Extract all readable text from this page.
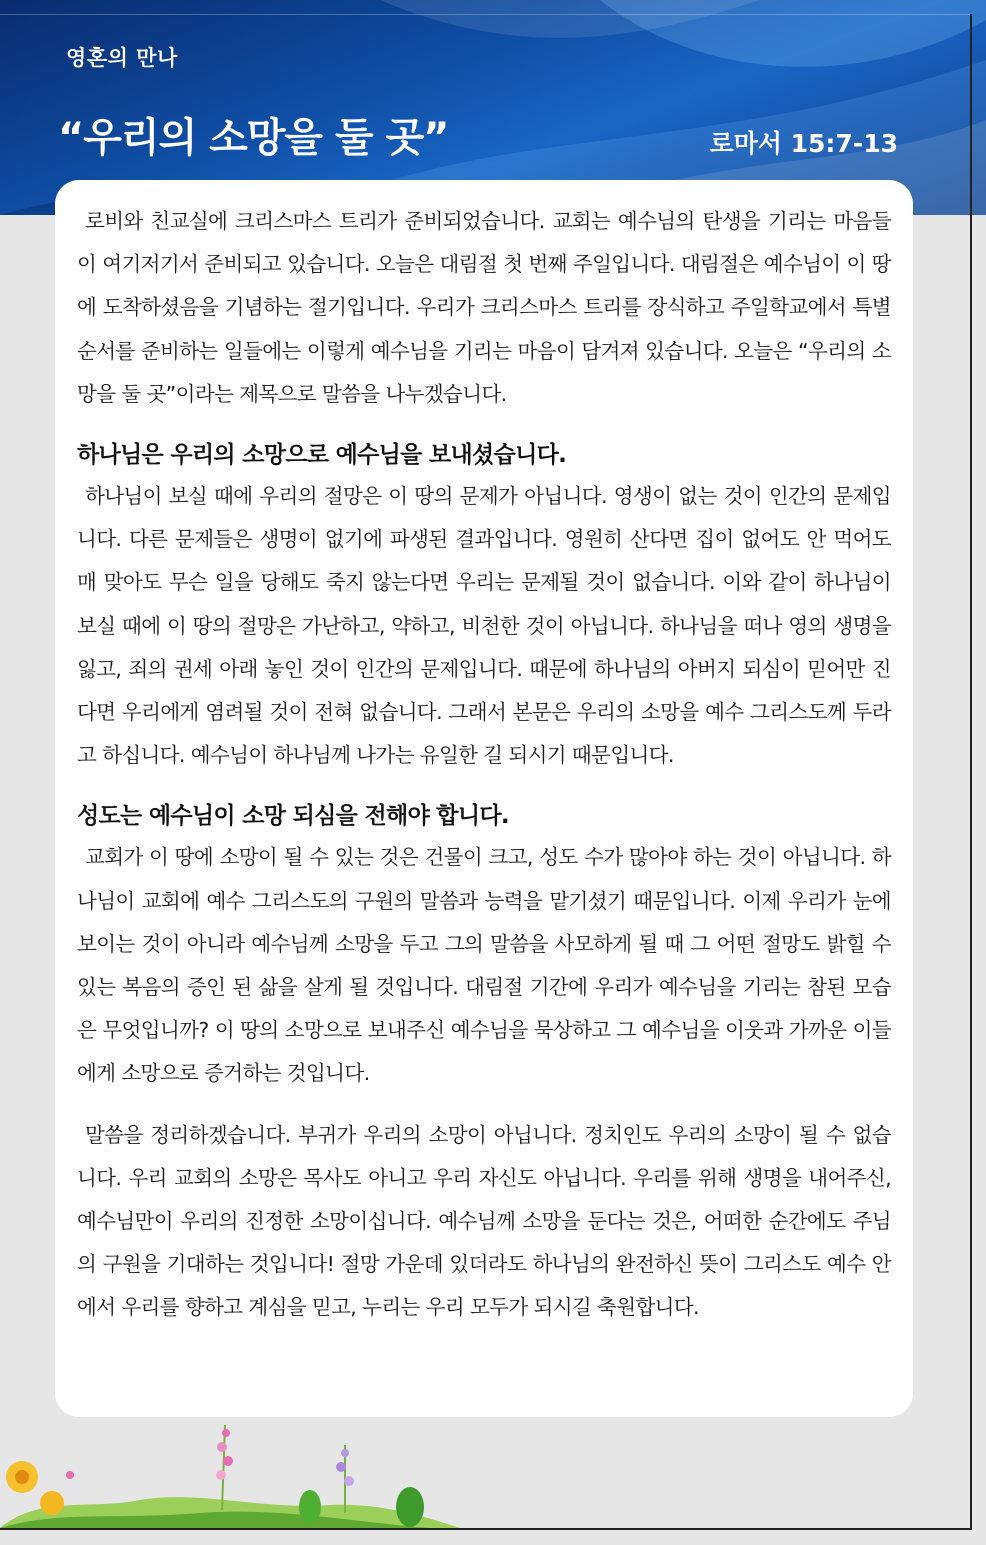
영혼의 만나
“우리의 소망을 둘 곳”	로마서 15:7-13

로비와 친교실에 크리스마스 트리가 준비되었습니다. 교회는 예수님의 탄생을 기리는 마음들이 여기저기서 준비되고 있습니다. 오늘은 대림절 첫 번째 주일입니다. 대림절은 예수님이 이 땅에 도착하셨음을 기념하는 절기입니다. 우리가 크리스마스 트리를 장식하고 주일학교에서 특별순서를 준비하는 일들에는 이렇게 예수님을 기리는 마음이 담겨져 있습니다. 오늘은 “우리의 소망을 둘 곳”이라는 제목으로 말씀을 나누겠습니다.

하나님은 우리의 소망으로 예수님을 보내셨습니다.

하나님이 보실 때에 우리의 절망은 이 땅의 문제가 아닙니다. 영생이 없는 것이 인간의 문제입니다. 다른 문제들은 생명이 없기에 파생된 결과입니다. 영원히 산다면 집이 없어도 안 먹어도 매 맞아도 무슨 일을 당해도 죽지 않는다면 우리는 문제될 것이 없습니다. 이와 같이 하나님이 보실 때에 이 땅의 절망은 가난하고, 약하고, 비천한 것이 아닙니다. 하나님을 떠나 영의 생명을 잃고, 죄의 권세 아래 놓인 것이 인간의 문제입니다. 때문에 하나님의 아버지 되심이 믿어만 진다면 우리에게 염려될 것이 전혀 없습니다. 그래서 본문은 우리의 소망을 예수 그리스도께 두라고 하십니다. 예수님이 하나님께 나가는 유일한 길 되시기 때문입니다.

성도는 예수님이 소망 되심을 전해야 합니다.

교회가 이 땅에 소망이 될 수 있는 것은 건물이 크고, 성도 수가 많아야 하는 것이 아닙니다. 하나님이 교회에 예수 그리스도의 구원의 말씀과 능력을 맡기셨기 때문입니다. 이제 우리가 눈에 보이는 것이 아니라 예수님께 소망을 두고 그의 말씀을 사모하게 될 때 그 어떤 절망도 밝힐 수 있는 복음의 증인 된 삶을 살게 될 것입니다. 대림절 기간에 우리가 예수님을 기리는 참된 모습은 무엇입니까? 이 땅의 소망으로 보내주신 예수님을 묵상하고 그 예수님을 이웃과 가까운 이들에게 소망으로 증거하는 것입니다.

말씀을 정리하겠습니다. 부귀가 우리의 소망이 아닙니다. 정치인도 우리의 소망이 될 수 없습니다. 우리 교회의 소망은 목사도 아니고 우리 자신도 아닙니다. 우리를 위해 생명을 내어주신, 예수님만이 우리의 진정한 소망이십니다. 예수님께 소망을 둔다는 것은, 어떠한 순간에도 주님의 구원을 기대하는 것입니다! 절망 가운데 있더라도 하나님의 완전하신 뜻이 그리스도 예수 안에서 우리를 향하고 계심을 믿고, 누리는 우리 모두가 되시길 축원합니다.
